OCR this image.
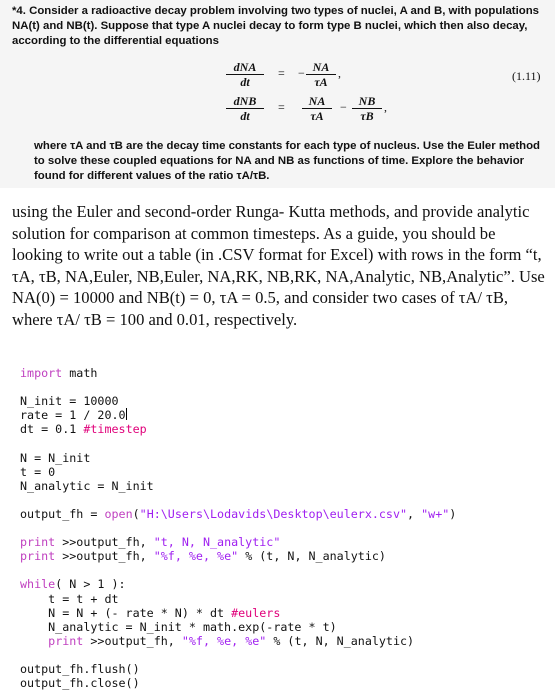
*4. Consider a radioactive decay problem involving two types of nuclei, A and B, with populations NA(t) and NB(t). Suppose that type A nuclei decay to form type B nuclei, which then also decay, according to the differential equations

dNA
dt
= − $\frac{NA}{\tau A}$ ,	(1.11)
dNB
dt
= $\frac{NA}{\tau A} - \frac{NB}{\tau B}$ ,

where τA and τB are the decay time constants for each type of nucleus. Use the Euler method to solve these coupled equations for NA and NB as functions of time. Explore the behavior found for different values of the ratio τA/τB.

using the Euler and second-order Runga- Kutta methods, and provide analytic solution for comparison at common timesteps. As a guide, you should be looking to write out a table (in .CSV format for Excel) with rows in the form “t, τA, τB, NA,Euler, NB,Euler, NA,RK, NB,RK, NA,Analytic, NB,Analytic”. Use NA(0) = 10000 and NB(t) = 0, τA = 0.5, and consider two cases of τA/ τB, where τA/ τB = 100 and 0.01, respectively.

import math

N_init = 10000
rate = 1 / 20.0
dt = 0.1 #timestep

N = N_init
t = 0
N_analytic = N_init

output_fh = open("H:\Users\Lodavids\Desktop\eulerx.csv", "w+")

print >>output_fh, "t, N, N_analytic"
print >>output_fh, "%f, %e, %e" % (t, N, N_analytic)

while( N > 1 ):
t = t + dt
N = N + (- rate * N) * dt #eulers
N_analytic = N_init * math.exp(-rate * t)
print >>output_fh, "%f, %e, %e" % (t, N, N_analytic)

output_fh.flush()
output_fh.close()
